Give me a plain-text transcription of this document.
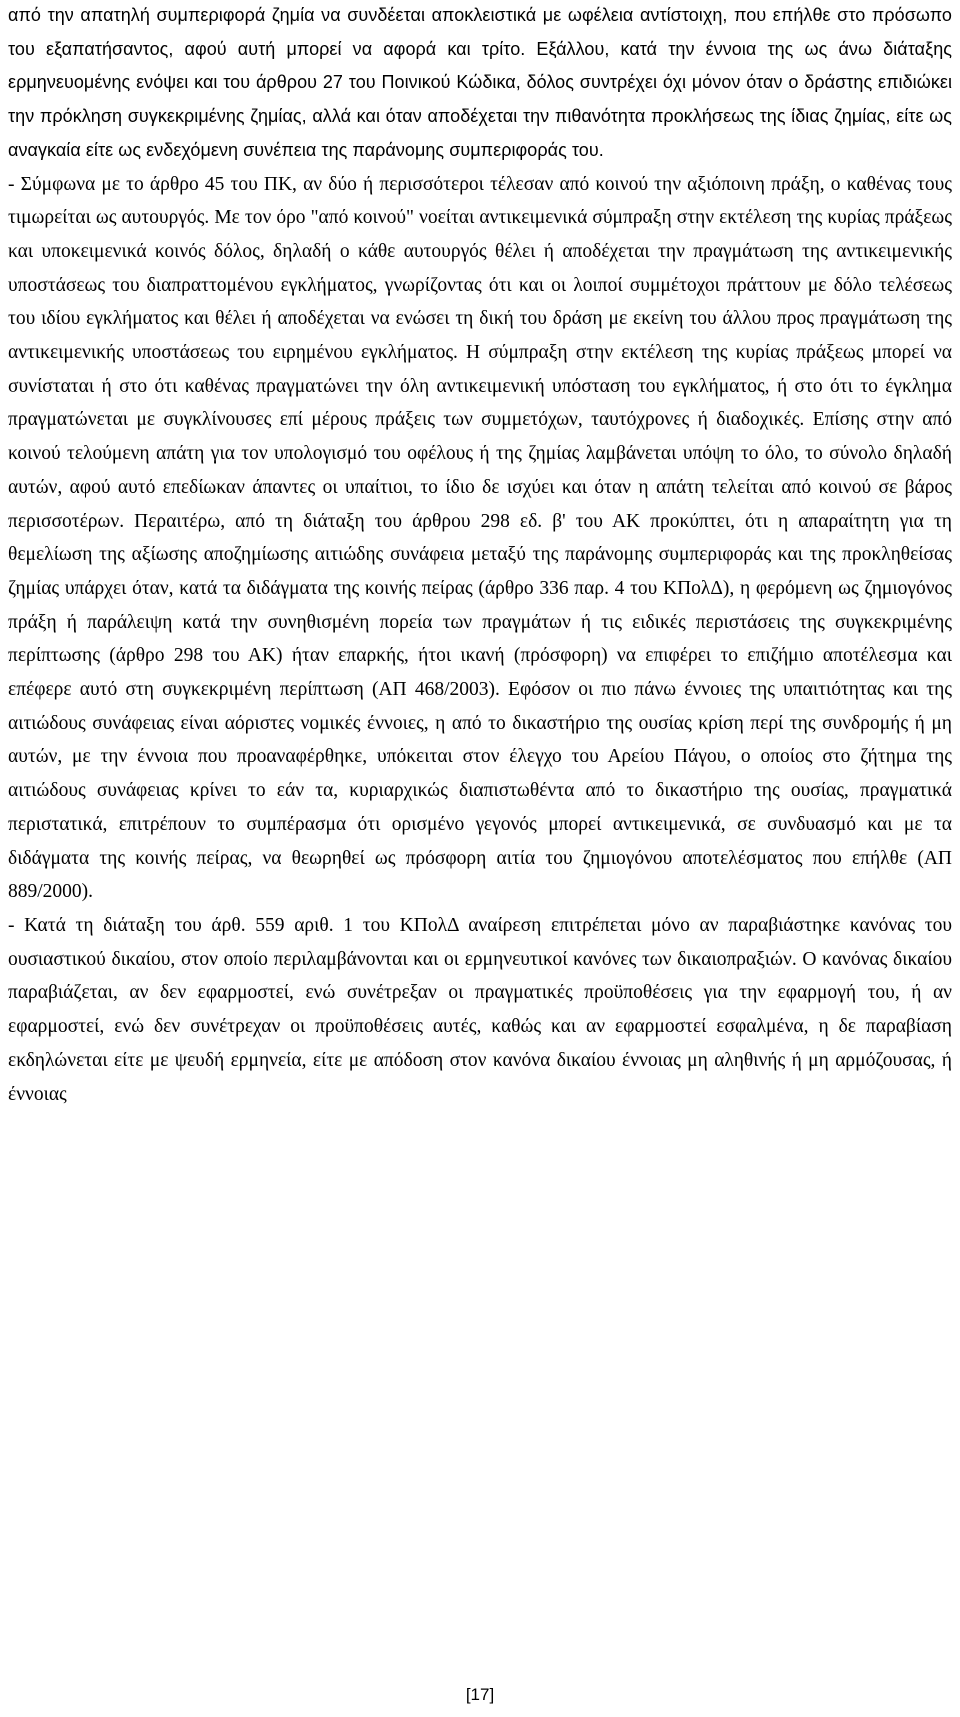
από την απατηλή συμπεριφορά ζημία να συνδέεται αποκλειστικά με ωφέλεια αντίστοιχη, που επήλθε στο πρόσωπο του εξαπατήσαντος, αφού αυτή μπορεί να αφορά και τρίτο. Εξάλλου, κατά την έννοια της ως άνω διάταξης ερμηνευομένης ενόψει και του άρθρου 27 του Ποινικού Κώδικα, δόλος συντρέχει όχι μόνον όταν ο δράστης επιδιώκει την πρόκληση συγκεκριμένης ζημίας, αλλά και όταν αποδέχεται την πιθανότητα προκλήσεως της ίδιας ζημίας, είτε ως αναγκαία είτε ως ενδεχόμενη συνέπεια της παράνομης συμπεριφοράς του.

- Σύμφωνα με το άρθρο 45 του ΠΚ, αν δύο ή περισσότεροι τέλεσαν από κοινού την αξιόποινη πράξη, ο καθένας τους τιμωρείται ως αυτουργός. Με τον όρο "από κοινού" νοείται αντικειμενικά σύμπραξη στην εκτέλεση της κυρίας πράξεως και υποκειμενικά κοινός δόλος, δηλαδή ο κάθε αυτουργός θέλει ή αποδέχεται την πραγμάτωση της αντικειμενικής υποστάσεως του διαπραττομένου εγκλήματος, γνωρίζοντας ότι και οι λοιποί συμμέτοχοι πράττουν με δόλο τελέσεως του ιδίου εγκλήματος και θέλει ή αποδέχεται να ενώσει τη δική του δράση με εκείνη του άλλου προς πραγμάτωση της αντικειμενικής υποστάσεως του ειρημένου εγκλήματος. Η σύμπραξη στην εκτέλεση της κυρίας πράξεως μπορεί να συνίσταται ή στο ότι καθένας πραγματώνει την όλη αντικειμενική υπόσταση του εγκλήματος, ή στο ότι το έγκλημα πραγματώνεται με συγκλίνουσες επί μέρους πράξεις των συμμετόχων, ταυτόχρονες ή διαδοχικές. Επίσης στην από κοινού τελούμενη απάτη για τον υπολογισμό του οφέλους ή της ζημίας λαμβάνεται υπόψη το όλο, το σύνολο δηλαδή αυτών, αφού αυτό επεδίωκαν άπαντες οι υπαίτιοι, το ίδιο δε ισχύει και όταν η απάτη τελείται από κοινού σε βάρος περισσοτέρων. Περαιτέρω, από τη διάταξη του άρθρου 298 εδ. β' του ΑΚ προκύπτει, ότι η απαραίτητη για τη θεμελίωση της αξίωσης αποζημίωσης αιτιώδης συνάφεια μεταξύ της παράνομης συμπεριφοράς και της προκληθείσας ζημίας υπάρχει όταν, κατά τα διδάγματα της κοινής πείρας (άρθρο 336 παρ. 4 του ΚΠολΔ), η φερόμενη ως ζημιογόνος πράξη ή παράλειψη κατά την συνηθισμένη πορεία των πραγμάτων ή τις ειδικές περιστάσεις της συγκεκριμένης περίπτωσης (άρθρο 298 του ΑΚ) ήταν επαρκής, ήτοι ικανή (πρόσφορη) να επιφέρει το επιζήμιο αποτέλεσμα και επέφερε αυτό στη συγκεκριμένη περίπτωση (ΑΠ 468/2003). Εφόσον οι πιο πάνω έννοιες της υπαιτιότητας και της αιτιώδους συνάφειας είναι αόριστες νομικές έννοιες, η από το δικαστήριο της ουσίας κρίση περί της συνδρομής ή μη αυτών, με την έννοια που προαναφέρθηκε, υπόκειται στον έλεγχο του Αρείου Πάγου, ο οποίος στο ζήτημα της αιτιώδους συνάφειας κρίνει το εάν τα, κυριαρχικώς διαπιστωθέντα από το δικαστήριο της ουσίας, πραγματικά περιστατικά, επιτρέπουν το συμπέρασμα ότι ορισμένο γεγονός μπορεί αντικειμενικά, σε συνδυασμό και με τα διδάγματα της κοινής πείρας, να θεωρηθεί ως πρόσφορη αιτία του ζημιογόνου αποτελέσματος που επήλθε (ΑΠ 889/2000).

- Κατά τη διάταξη του άρθ. 559 αριθ. 1 του ΚΠολΔ αναίρεση επιτρέπεται μόνο αν παραβιάστηκε κανόνας του ουσιαστικού δικαίου, στον οποίο περιλαμβάνονται και οι ερμηνευτικοί κανόνες των δικαιοπραξιών. Ο κανόνας δικαίου παραβιάζεται, αν δεν εφαρμοστεί, ενώ συνέτρεξαν οι πραγματικές προϋποθέσεις για την εφαρμογή του, ή αν εφαρμοστεί, ενώ δεν συνέτρεχαν οι προϋποθέσεις αυτές, καθώς και αν εφαρμοστεί εσφαλμένα, η δε παραβίαση εκδηλώνεται είτε με ψευδή ερμηνεία, είτε με απόδοση στον κανόνα δικαίου έννοιας μη αληθινής ή μη αρμόζουσας, ή έννοιας

[17]
